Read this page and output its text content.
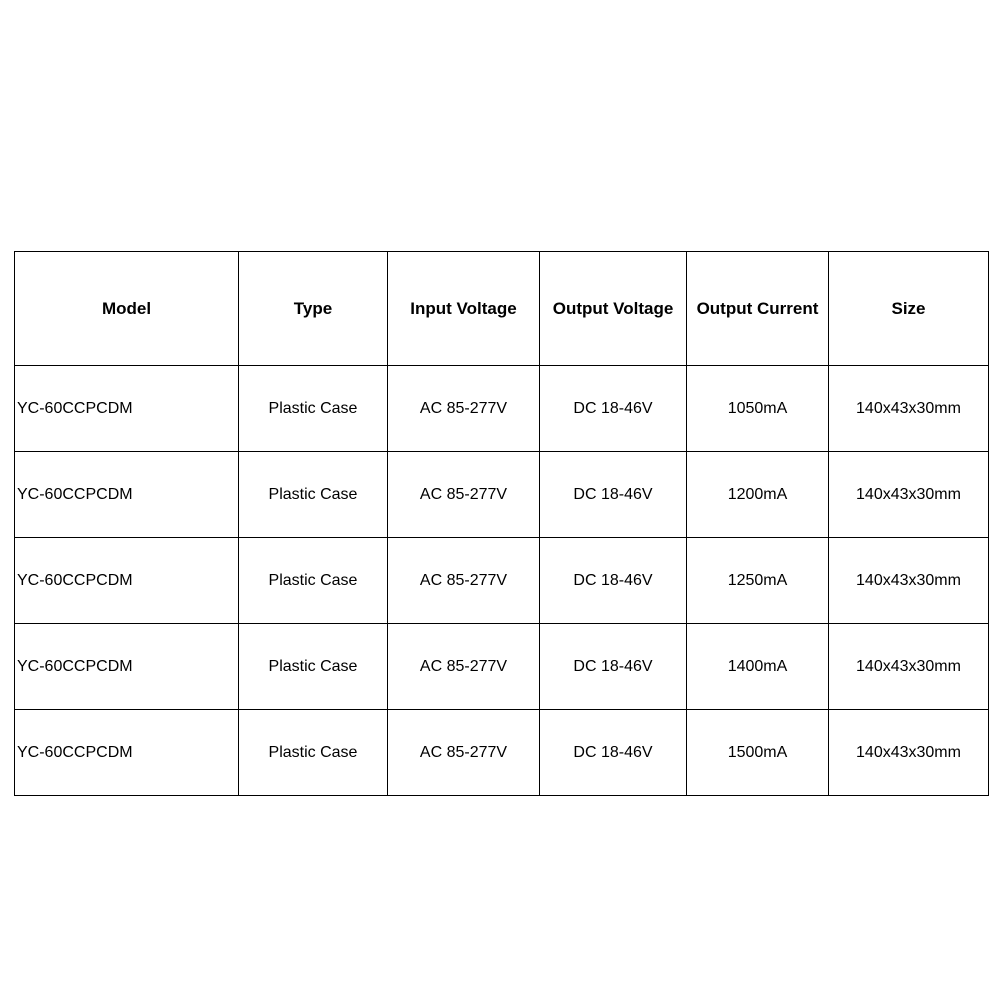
Model	Type	Input Voltage	Output Voltage	Output Current	Size
YC-60CCPCDM	Plastic Case	AC 85-277V	DC 18-46V	1050mA	140x43x30mm
YC-60CCPCDM	Plastic Case	AC 85-277V	DC 18-46V	1200mA	140x43x30mm
YC-60CCPCDM	Plastic Case	AC 85-277V	DC 18-46V	1250mA	140x43x30mm
YC-60CCPCDM	Plastic Case	AC 85-277V	DC 18-46V	1400mA	140x43x30mm
YC-60CCPCDM	Plastic Case	AC 85-277V	DC 18-46V	1500mA	140x43x30mm
